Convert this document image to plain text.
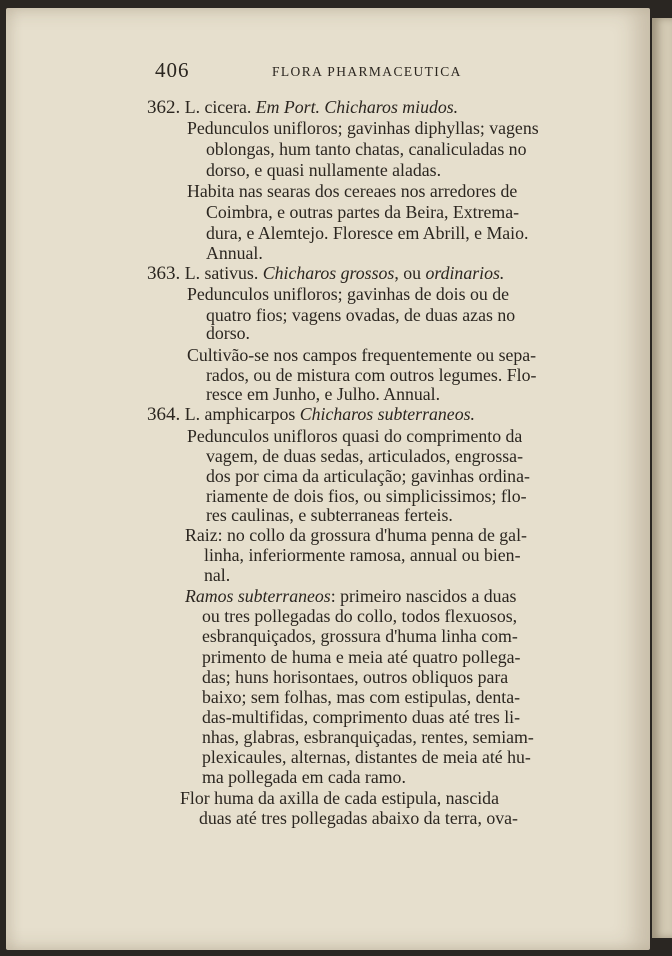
406	FLORA PHARMACEUTICA
362. L. cicera. Em Port. Chicharos miudos.
Pedunculos unifloros; gavinhas diphyllas; vagens
oblongas, hum tanto chatas, canaliculadas no
dorso, e quasi nullamente aladas.
Habita nas searas dos cereaes nos arredores de
Coimbra, e outras partes da Beira, Extrema-
dura, e Alemtejo. Floresce em Abrill, e Maio.
Annual.
363. L. sativus. Chicharos grossos, ou ordinarios.
Pedunculos unifloros; gavinhas de dois ou de
quatro fios; vagens ovadas, de duas azas no
dorso.
Cultivão-se nos campos frequentemente ou sepa-
rados, ou de mistura com outros legumes. Flo-
resce em Junho, e Julho. Annual.
364. L. amphicarpos Chicharos subterraneos.
Pedunculos unifloros quasi do comprimento da
vagem, de duas sedas, articulados, engrossa-
dos por cima da articulação; gavinhas ordina-
riamente de dois fios, ou simplicissimos; flo-
res caulinas, e subterraneas ferteis.
Raiz: no collo da grossura d'huma penna de gal-
linha, inferiormente ramosa, annual ou bien-
nal.
Ramos subterraneos: primeiro nascidos a duas
ou tres pollegadas do collo, todos flexuosos,
esbranquiçados, grossura d'huma linha com-
primento de huma e meia até quatro pollega-
das; huns horisontaes, outros obliquos para
baixo; sem folhas, mas com estipulas, denta-
das-multifidas, comprimento duas até tres li-
nhas, glabras, esbranquiçadas, rentes, semiam-
plexicaules, alternas, distantes de meia até hu-
ma pollegada em cada ramo.
Flor huma da axilla de cada estipula, nascida
duas até tres pollegadas abaixo da terra, ova-
